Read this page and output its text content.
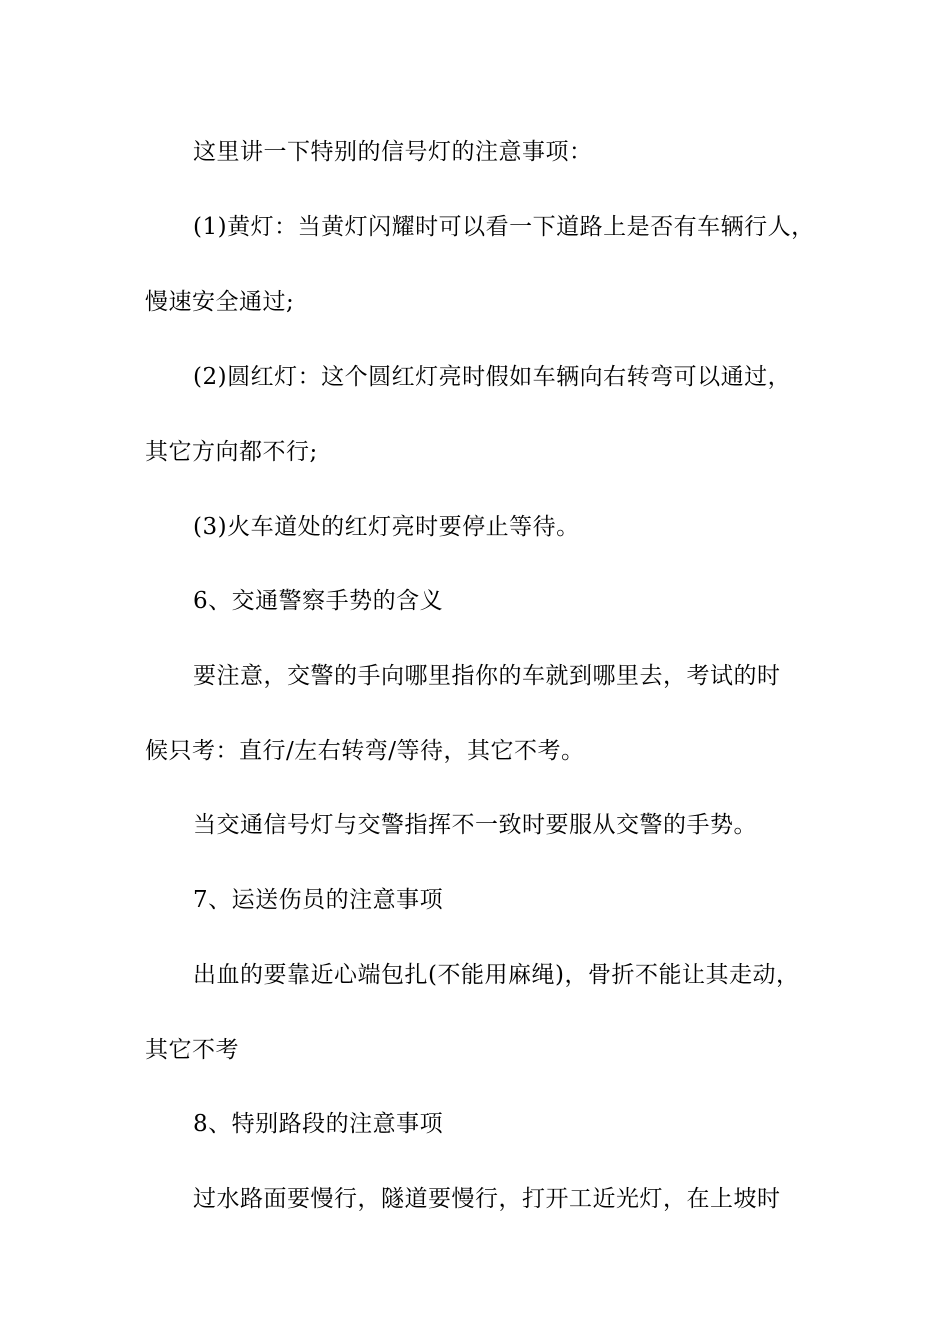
这里讲一下特别的信号灯的注意事项：
(1)黄灯：当黄灯闪耀时可以看一下道路上是否有车辆行人，
慢速安全通过;
(2)圆红灯：这个圆红灯亮时假如车辆向右转弯可以通过，
其它方向都不行;
(3)火车道处的红灯亮时要停止等待。
6、交通警察手势的含义
要注意，交警的手向哪里指你的车就到哪里去，考试的时
候只考：直行/左右转弯/等待，其它不考。
当交通信号灯与交警指挥不一致时要服从交警的手势。
7、运送伤员的注意事项
出血的要靠近心端包扎(不能用麻绳)，骨折不能让其走动，
其它不考
8、特别路段的注意事项
过水路面要慢行，隧道要慢行，打开工近光灯，在上坡时
